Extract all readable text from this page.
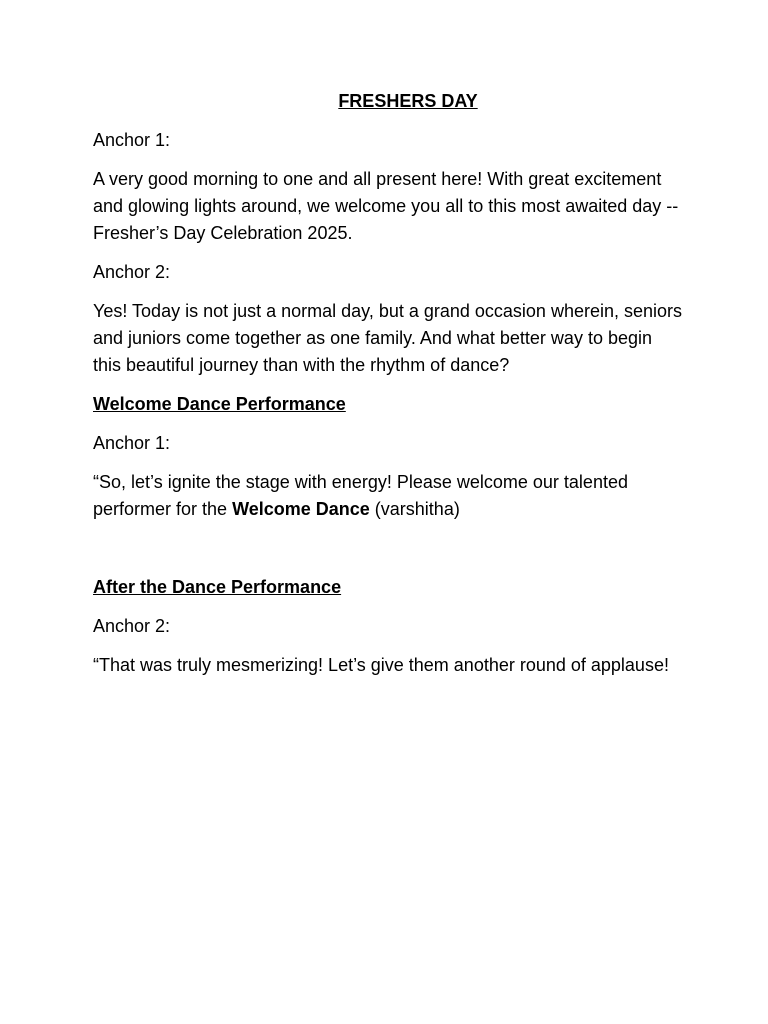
FRESHERS DAY

Anchor 1:

A very good morning to one and all present here! With great excitement and glowing lights around, we welcome you all to this most awaited day --Fresher’s Day Celebration 2025.

Anchor 2:

Yes! Today is not just a normal day, but a grand occasion wherein, seniors and juniors come together as one family. And what better way to begin this beautiful journey than with the rhythm of dance?

Welcome Dance Performance

Anchor 1:

“So, let’s ignite the stage with energy! Please welcome our talented performer for the Welcome Dance (varshitha)

After the Dance Performance

Anchor 2:

“That was truly mesmerizing! Let’s give them another round of applause!
